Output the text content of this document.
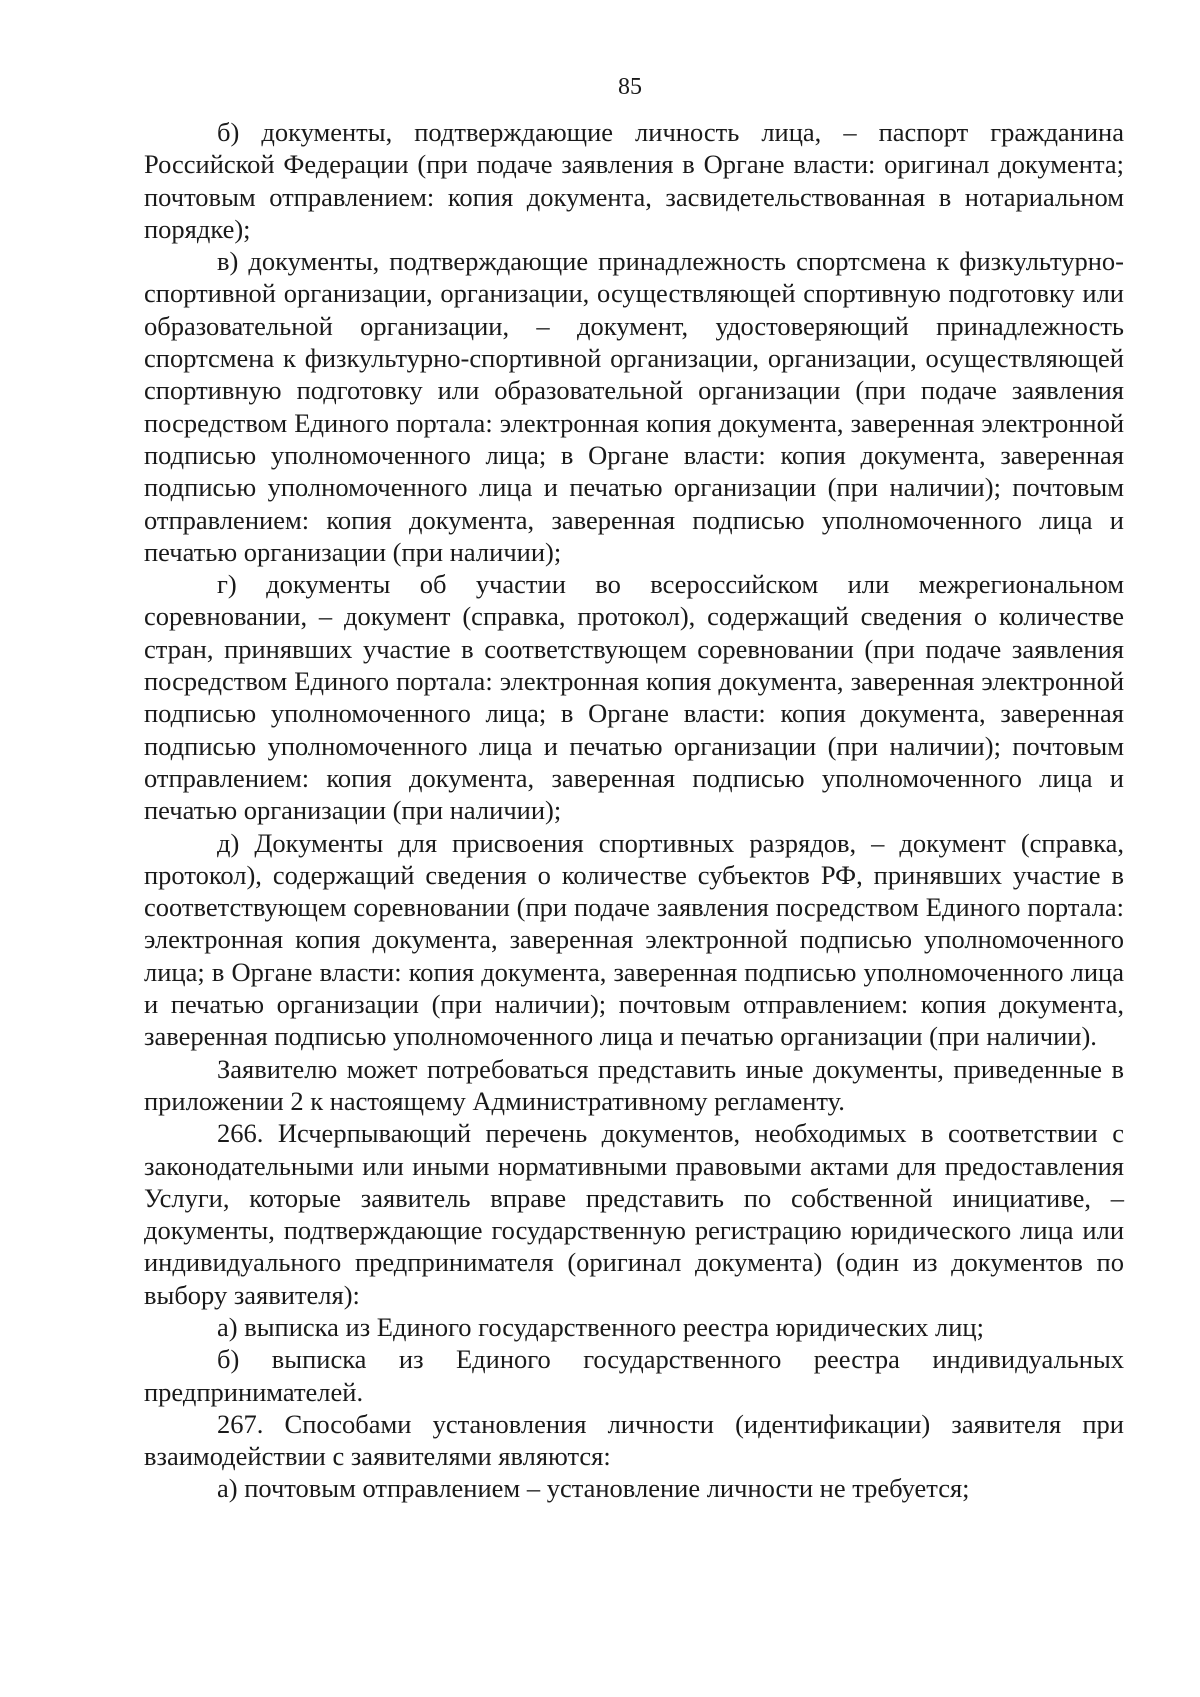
85

б) документы, подтверждающие личность лица, – паспорт гражданина Российской Федерации (при подаче заявления в Органе власти: оригинал документа; почтовым отправлением: копия документа, засвидетельствованная в нотариальном порядке);

в) документы, подтверждающие принадлежность спортсмена к физкультурно-спортивной организации, организации, осуществляющей спортивную подготовку или образовательной организации, – документ, удостоверяющий принадлежность спортсмена к физкультурно-спортивной организации, организации, осуществляющей спортивную подготовку или образовательной организации (при подаче заявления посредством Единого портала: электронная копия документа, заверенная электронной подписью уполномоченного лица; в Органе власти: копия документа, заверенная подписью уполномоченного лица и печатью организации (при наличии); почтовым отправлением: копия документа, заверенная подписью уполномоченного лица и печатью организации (при наличии);

г) документы об участии во всероссийском или межрегиональном соревновании, – документ (справка, протокол), содержащий сведения о количестве стран, принявших участие в соответствующем соревновании (при подаче заявления посредством Единого портала: электронная копия документа, заверенная электронной подписью уполномоченного лица; в Органе власти: копия документа, заверенная подписью уполномоченного лица и печатью организации (при наличии); почтовым отправлением: копия документа, заверенная подписью уполномоченного лица и печатью организации (при наличии);

д) Документы для присвоения спортивных разрядов, – документ (справка, протокол), содержащий сведения о количестве субъектов РФ, принявших участие в соответствующем соревновании (при подаче заявления посредством Единого портала: электронная копия документа, заверенная электронной подписью уполномоченного лица; в Органе власти: копия документа, заверенная подписью уполномоченного лица и печатью организации (при наличии); почтовым отправлением: копия документа, заверенная подписью уполномоченного лица и печатью организации (при наличии).

Заявителю может потребоваться представить иные документы, приведенные в приложении 2 к настоящему Административному регламенту.

266. Исчерпывающий перечень документов, необходимых в соответствии с законодательными или иными нормативными правовыми актами для предоставления Услуги, которые заявитель вправе представить по собственной инициативе, – документы, подтверждающие государственную регистрацию юридического лица или индивидуального предпринимателя (оригинал документа) (один из документов по выбору заявителя):

а) выписка из Единого государственного реестра юридических лиц;

б) выписка из Единого государственного реестра индивидуальных предпринимателей.

267. Способами установления личности (идентификации) заявителя при взаимодействии с заявителями являются:

а) почтовым отправлением – установление личности не требуется;
